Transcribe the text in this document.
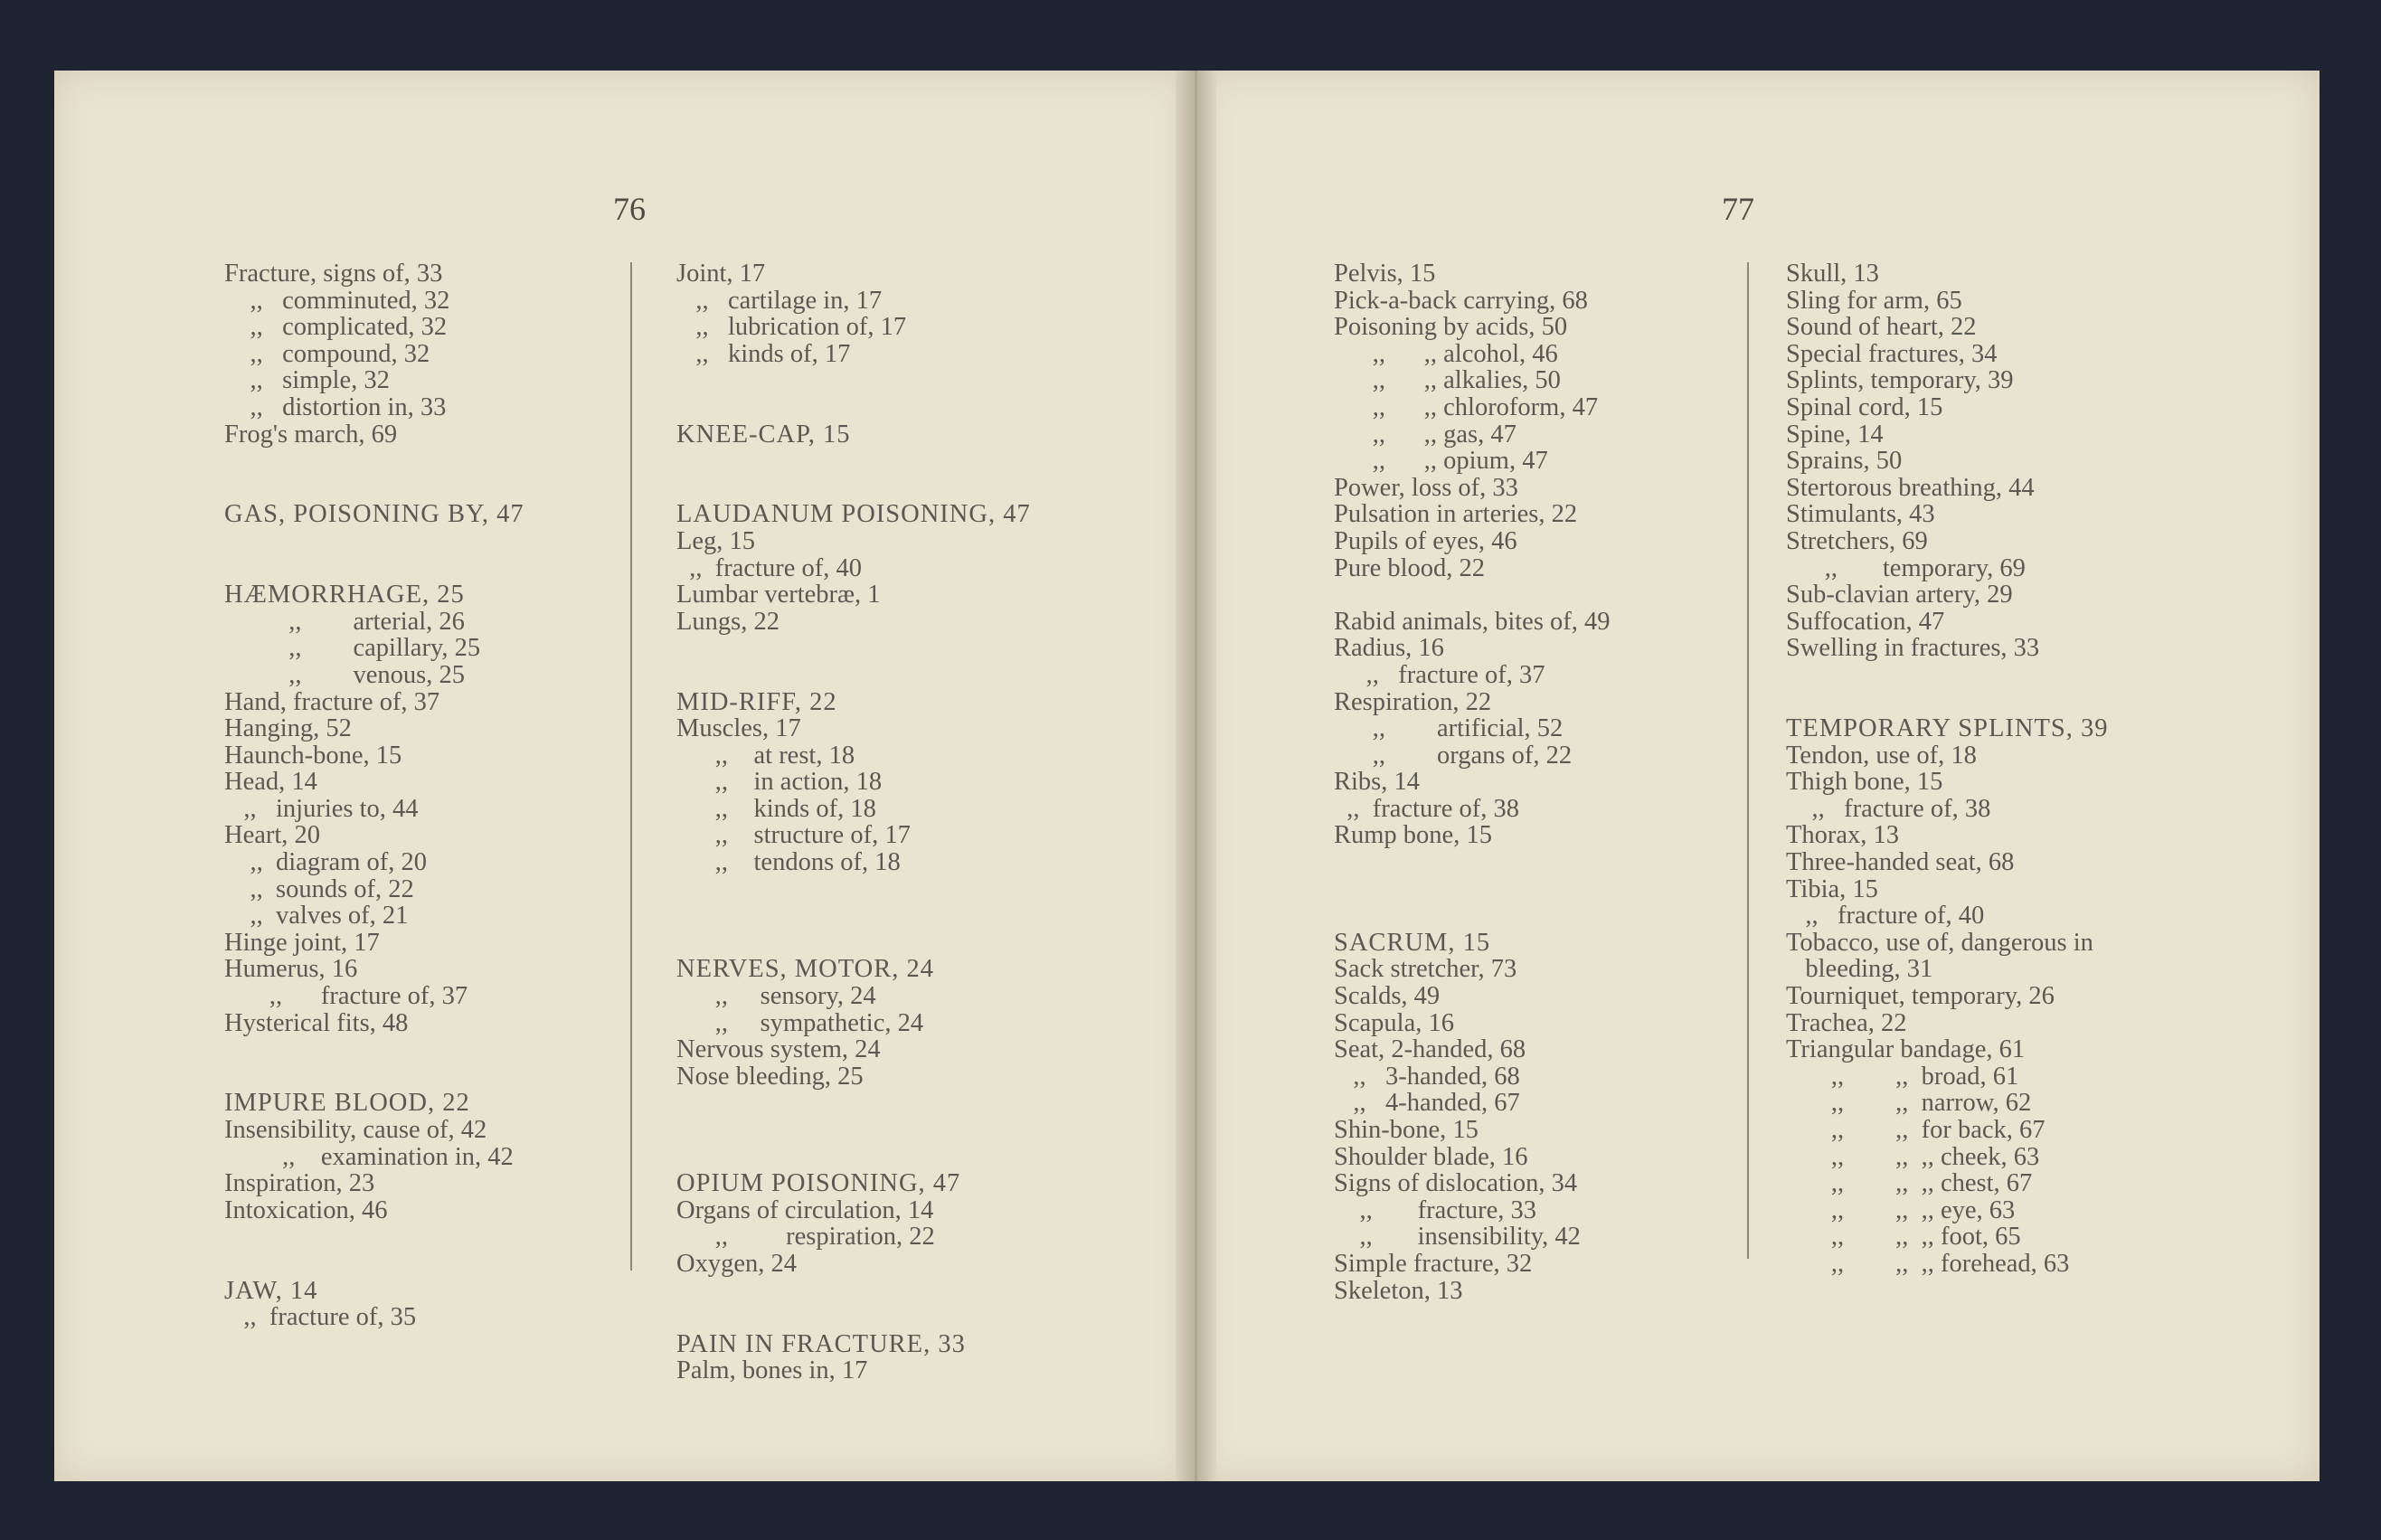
76	77
Fracture, signs of, 33
,,   comminuted, 32
,,   complicated, 32
,,   compound, 32
,,   simple, 32
,,   distortion in, 33
Frog's march, 69
GAS, POISONING BY, 47
HÆMORRHAGE, 25
,,        arterial, 26
,,        capillary, 25
,,        venous, 25
Hand, fracture of, 37
Hanging, 52
Haunch-bone, 15
Head, 14
,,   injuries to, 44
Heart, 20
,,  diagram of, 20
,,  sounds of, 22
,,  valves of, 21
Hinge joint, 17
Humerus, 16
,,      fracture of, 37
Hysterical fits, 48
IMPURE BLOOD, 22
Insensibility, cause of, 42
,,    examination in, 42
Inspiration, 23
Intoxication, 46
JAW, 14
,,  fracture of, 35
Joint, 17
,,   cartilage in, 17
,,   lubrication of, 17
,,   kinds of, 17
KNEE-CAP, 15
LAUDANUM POISONING, 47
Leg, 15
,,  fracture of, 40
Lumbar vertebræ, 1
Lungs, 22
MID-RIFF, 22
Muscles, 17
,,    at rest, 18
,,    in action, 18
,,    kinds of, 18
,,    structure of, 17
,,    tendons of, 18
NERVES, MOTOR, 24
,,     sensory, 24
,,     sympathetic, 24
Nervous system, 24
Nose bleeding, 25
OPIUM POISONING, 47
Organs of circulation, 14
,,         respiration, 22
Oxygen, 24
PAIN IN FRACTURE, 33
Palm, bones in, 17
Pelvis, 15
Pick-a-back carrying, 68
Poisoning by acids, 50
,,      ,, alcohol, 46
,,      ,, alkalies, 50
,,      ,, chloroform, 47
,,      ,, gas, 47
,,      ,, opium, 47
Power, loss of, 33
Pulsation in arteries, 22
Pupils of eyes, 46
Pure blood, 22
Rabid animals, bites of, 49
Radius, 16
,,   fracture of, 37
Respiration, 22
,,        artificial, 52
,,        organs of, 22
Ribs, 14
,,  fracture of, 38
Rump bone, 15
SACRUM, 15
Sack stretcher, 73
Scalds, 49
Scapula, 16
Seat, 2-handed, 68
,,   3-handed, 68
,,   4-handed, 67
Shin-bone, 15
Shoulder blade, 16
Signs of dislocation, 34
,,       fracture, 33
,,       insensibility, 42
Simple fracture, 32
Skeleton, 13
Skull, 13
Sling for arm, 65
Sound of heart, 22
Special fractures, 34
Splints, temporary, 39
Spinal cord, 15
Spine, 14
Sprains, 50
Stertorous breathing, 44
Stimulants, 43
Stretchers, 69
,,       temporary, 69
Sub-clavian artery, 29
Suffocation, 47
Swelling in fractures, 33
TEMPORARY SPLINTS, 39
Tendon, use of, 18
Thigh bone, 15
,,   fracture of, 38
Thorax, 13
Three-handed seat, 68
Tibia, 15
,,   fracture of, 40
Tobacco, use of, dangerous in
bleeding, 31
Tourniquet, temporary, 26
Trachea, 22
Triangular bandage, 61
,,        ,,  broad, 61
,,        ,,  narrow, 62
,,        ,,  for back, 67
,,        ,,  ,, cheek, 63
,,        ,,  ,, chest, 67
,,        ,,  ,, eye, 63
,,        ,,  ,, foot, 65
,,        ,,  ,, forehead, 63
